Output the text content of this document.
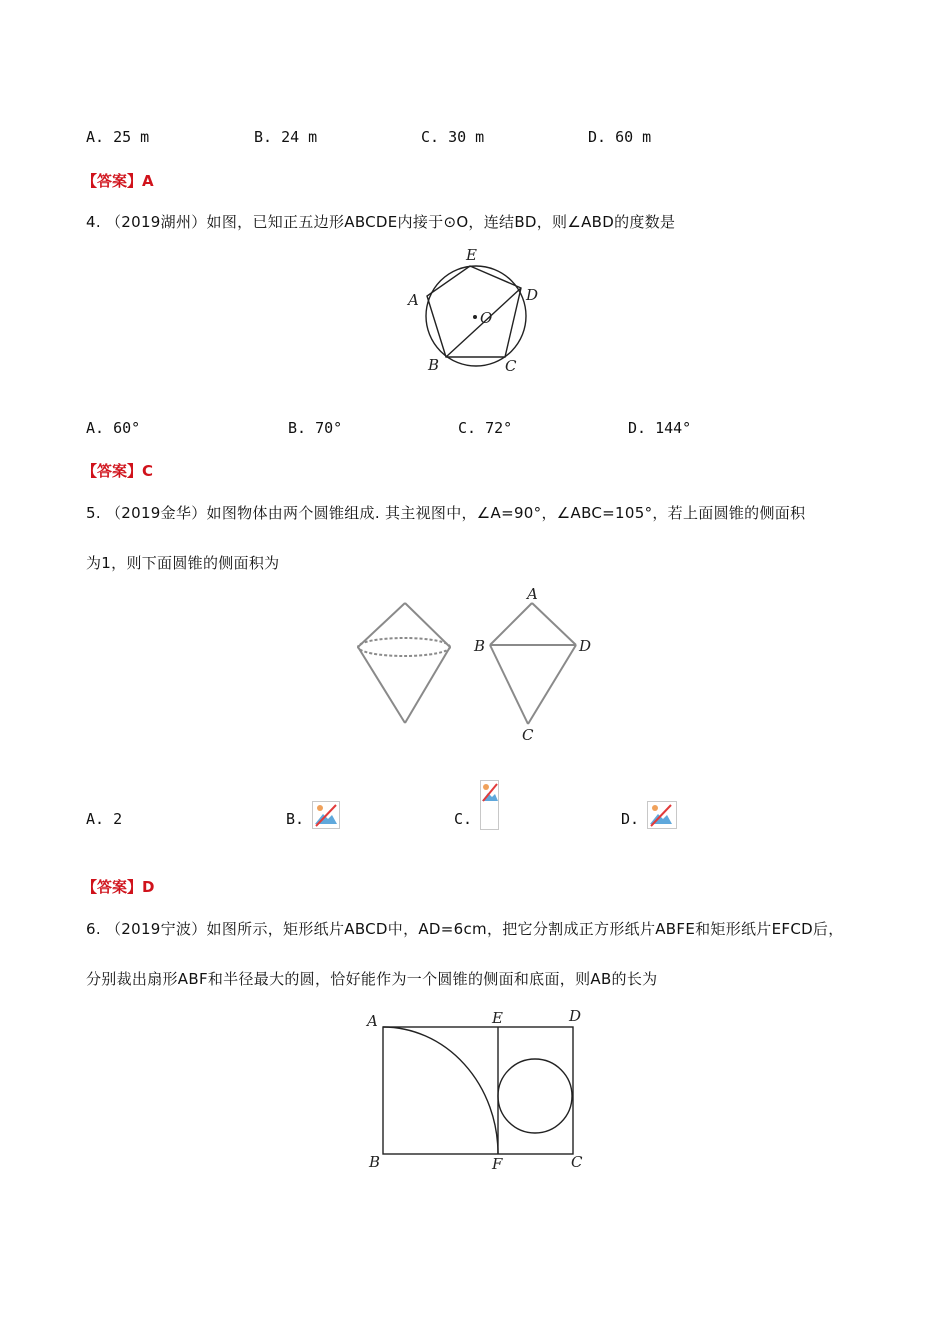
A. 25 m	B. 24 m	C. 30 m	D. 60 m
【答案】A
4. （2019湖州）如图，已知正五边形ABCDE内接于⊙O，连结BD，则∠ABD的度数是
E
A	D
O
B	C
A. 60°	B. 70°	C. 72°	D. 144°
【答案】C
5. （2019金华）如图物体由两个圆锥组成. 其主视图中，∠A=90°，∠ABC=105°，若上面圆锥的侧面积
为1，则下面圆锥的侧面积为
A
B	D
C
A. 2	B.	C.	D.
【答案】D
6. （2019宁波）如图所示，矩形纸片ABCD中，AD=6cm，把它分割成正方形纸片ABFE和矩形纸片EFCD后，
分别裁出扇形ABF和半径最大的圆，恰好能作为一个圆锥的侧面和底面，则AB的长为
A	E	D
B	F	C
